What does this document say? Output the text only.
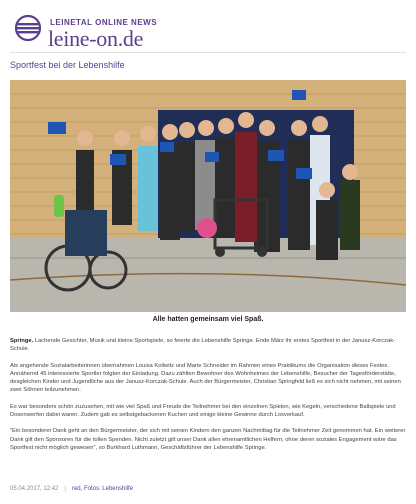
LEINETAL ONLINE NEWS
leine-on.de
Sportfest bei der Lebenshilfe
Alle hatten gemeinsam viel Spaß.

Springe. Lachende Gesichter, Musik und kleine Sportspiele, so feierte die Lebenshilfe Springe. Ende März ihr erstes Sportfest in der Janusz-Korczak-Schule.

Als angehende Sozialarbeiterinnen übernahmen Louisa Kollwitz und Marie Schneider im Rahmen eines Praktikums die Organisation dieses Festes. Annähernd 45 interessierte Sportler folgten der Einladung. Dazu zählten Bewohner des Wohnheimes der Lebenshilfe, Besucher der Tagesförderstätte, desgleichen Kinder und Jugendliche aus der Janusz-Korczak-Schule. Auch der Bürgermeister, Christian Springfeld ließ es sich nicht nehmen, mit seinen zwei Söhnen teilzunehmen.

Es war besonders schön zuzusehen, mit wie viel Spaß und Freude die Teilnehmer bei den einzelnen Spielen, wie Kegeln, verschiedene Ballspiele und Dosenwerfen dabei waren. Zudem gab es selbstgebackenen Kuchen und einige kleine Gewinne durch Losverkauf.

"Ein besonderer Dank geht an den Bürgermeister, der sich mit seinen Kindern den ganzen Nachmittag für die Teilnehmer Zeit genommen hat. Ein weiterer Dank gilt den Sponsoren für die tollen Spenden. Nicht zuletzt gilt unser Dank allen ehrenamtlichen Helfern; ohne deren soziales Engagement wäre das Sportfest nicht möglich gewesen", so Burkhard Luthmann, Geschäftsführer der Lebenshilfe Springe.

05.04.2017, 12:42 | red, Fotos: Lebenshilfe
